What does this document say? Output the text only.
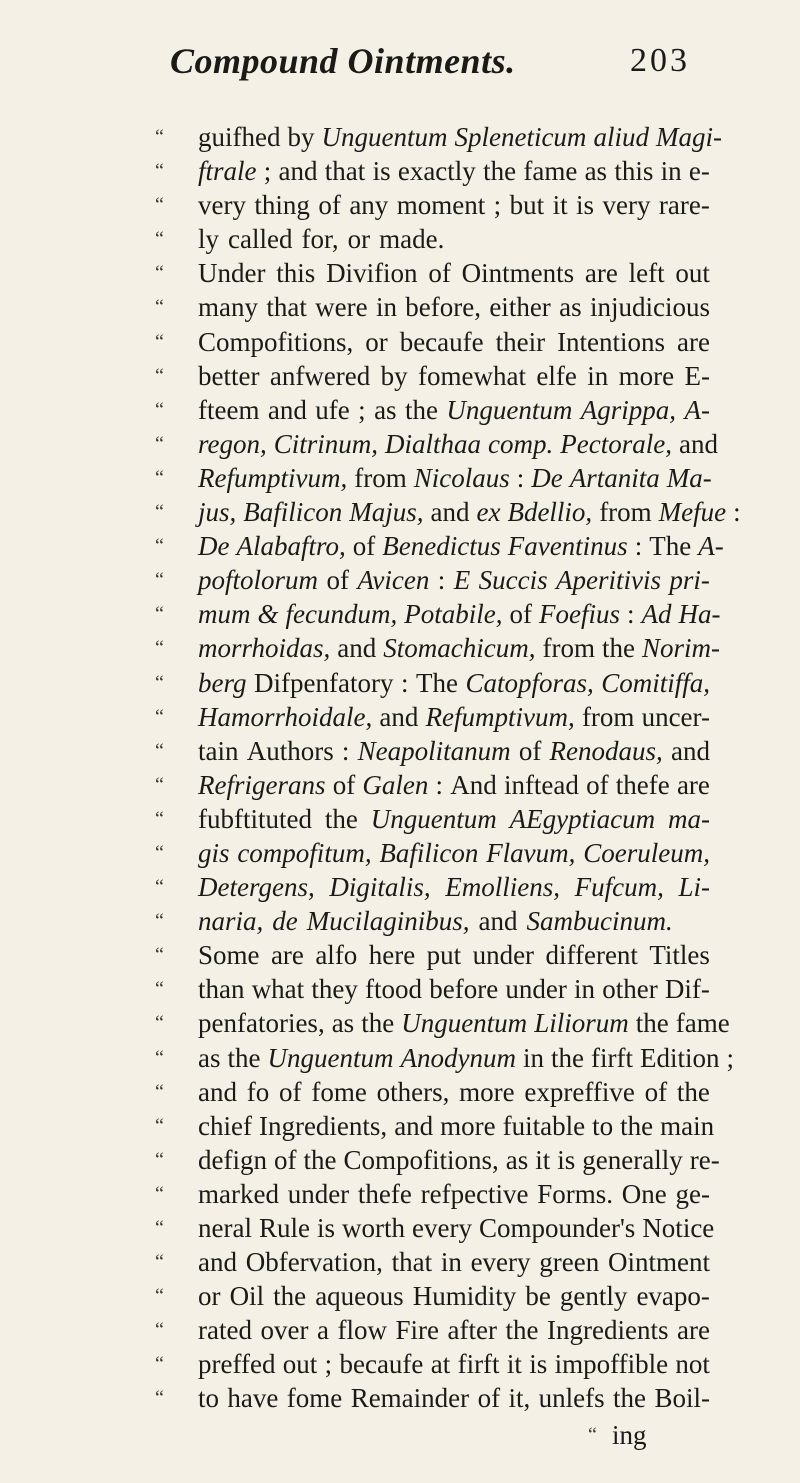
Compound Ointments.	203
“ guifhed by Unguentum Spleneticum aliud Magi-
“ ftrale ; and that is exactly the fame as this in e-
“ very thing of any moment ; but it is very rare-
“ ly called for, or made.
“ Under this Divifion of Ointments are left out
“ many that were in before, either as injudicious
“ Compofitions, or becaufe their Intentions are
“ better anfwered by fomewhat elfe in more E-
“ fteem and ufe ; as the Unguentum Agrippa, A-
“ regon, Citrinum, Dialthaa comp. Pectorale, and
“ Refumptivum, from Nicolaus : De Artanita Ma-
“ jus, Bafilicon Majus, and ex Bdellio, from Mefue :
“ De Alabaftro, of Benedictus Faventinus : The A-
“ poftolorum of Avicen : E Succis Aperitivis pri-
“ mum & fecundum, Potabile, of Foefius : Ad Ha-
“ morrhoidas, and Stomachicum, from the Norim-
“ berg Difpenfatory : The Catopforas, Comitiffa,
“ Hamorrhoidale, and Refumptivum, from uncer-
“ tain Authors : Neapolitanum of Renodaus, and
“ Refrigerans of Galen : And inftead of thefe are
“ fubftituted the Unguentum AEgyptiacum ma-
“ gis compofitum, Bafilicon Flavum, Coeruleum,
“ Detergens, Digitalis, Emolliens, Fufcum, Li-
“ naria, de Mucilaginibus, and Sambucinum.
“ Some are alfo here put under different Titles
“ than what they ftood before under in other Dif-
“ penfatories, as the Unguentum Liliorum the fame
“ as the Unguentum Anodynum in the firft Edition ;
“ and fo of fome others, more expreffive of the
“ chief Ingredients, and more fuitable to the main
“ defign of the Compofitions, as it is generally re-
“ marked under thefe refpective Forms. One ge-
“ neral Rule is worth every Compounder's Notice
“ and Obfervation, that in every green Ointment
“ or Oil the aqueous Humidity be gently evapo-
“ rated over a flow Fire after the Ingredients are
“ preffed out ; becaufe at firft it is impoffible not
“ to have fome Remainder of it, unlefs the Boil-
“ ing
